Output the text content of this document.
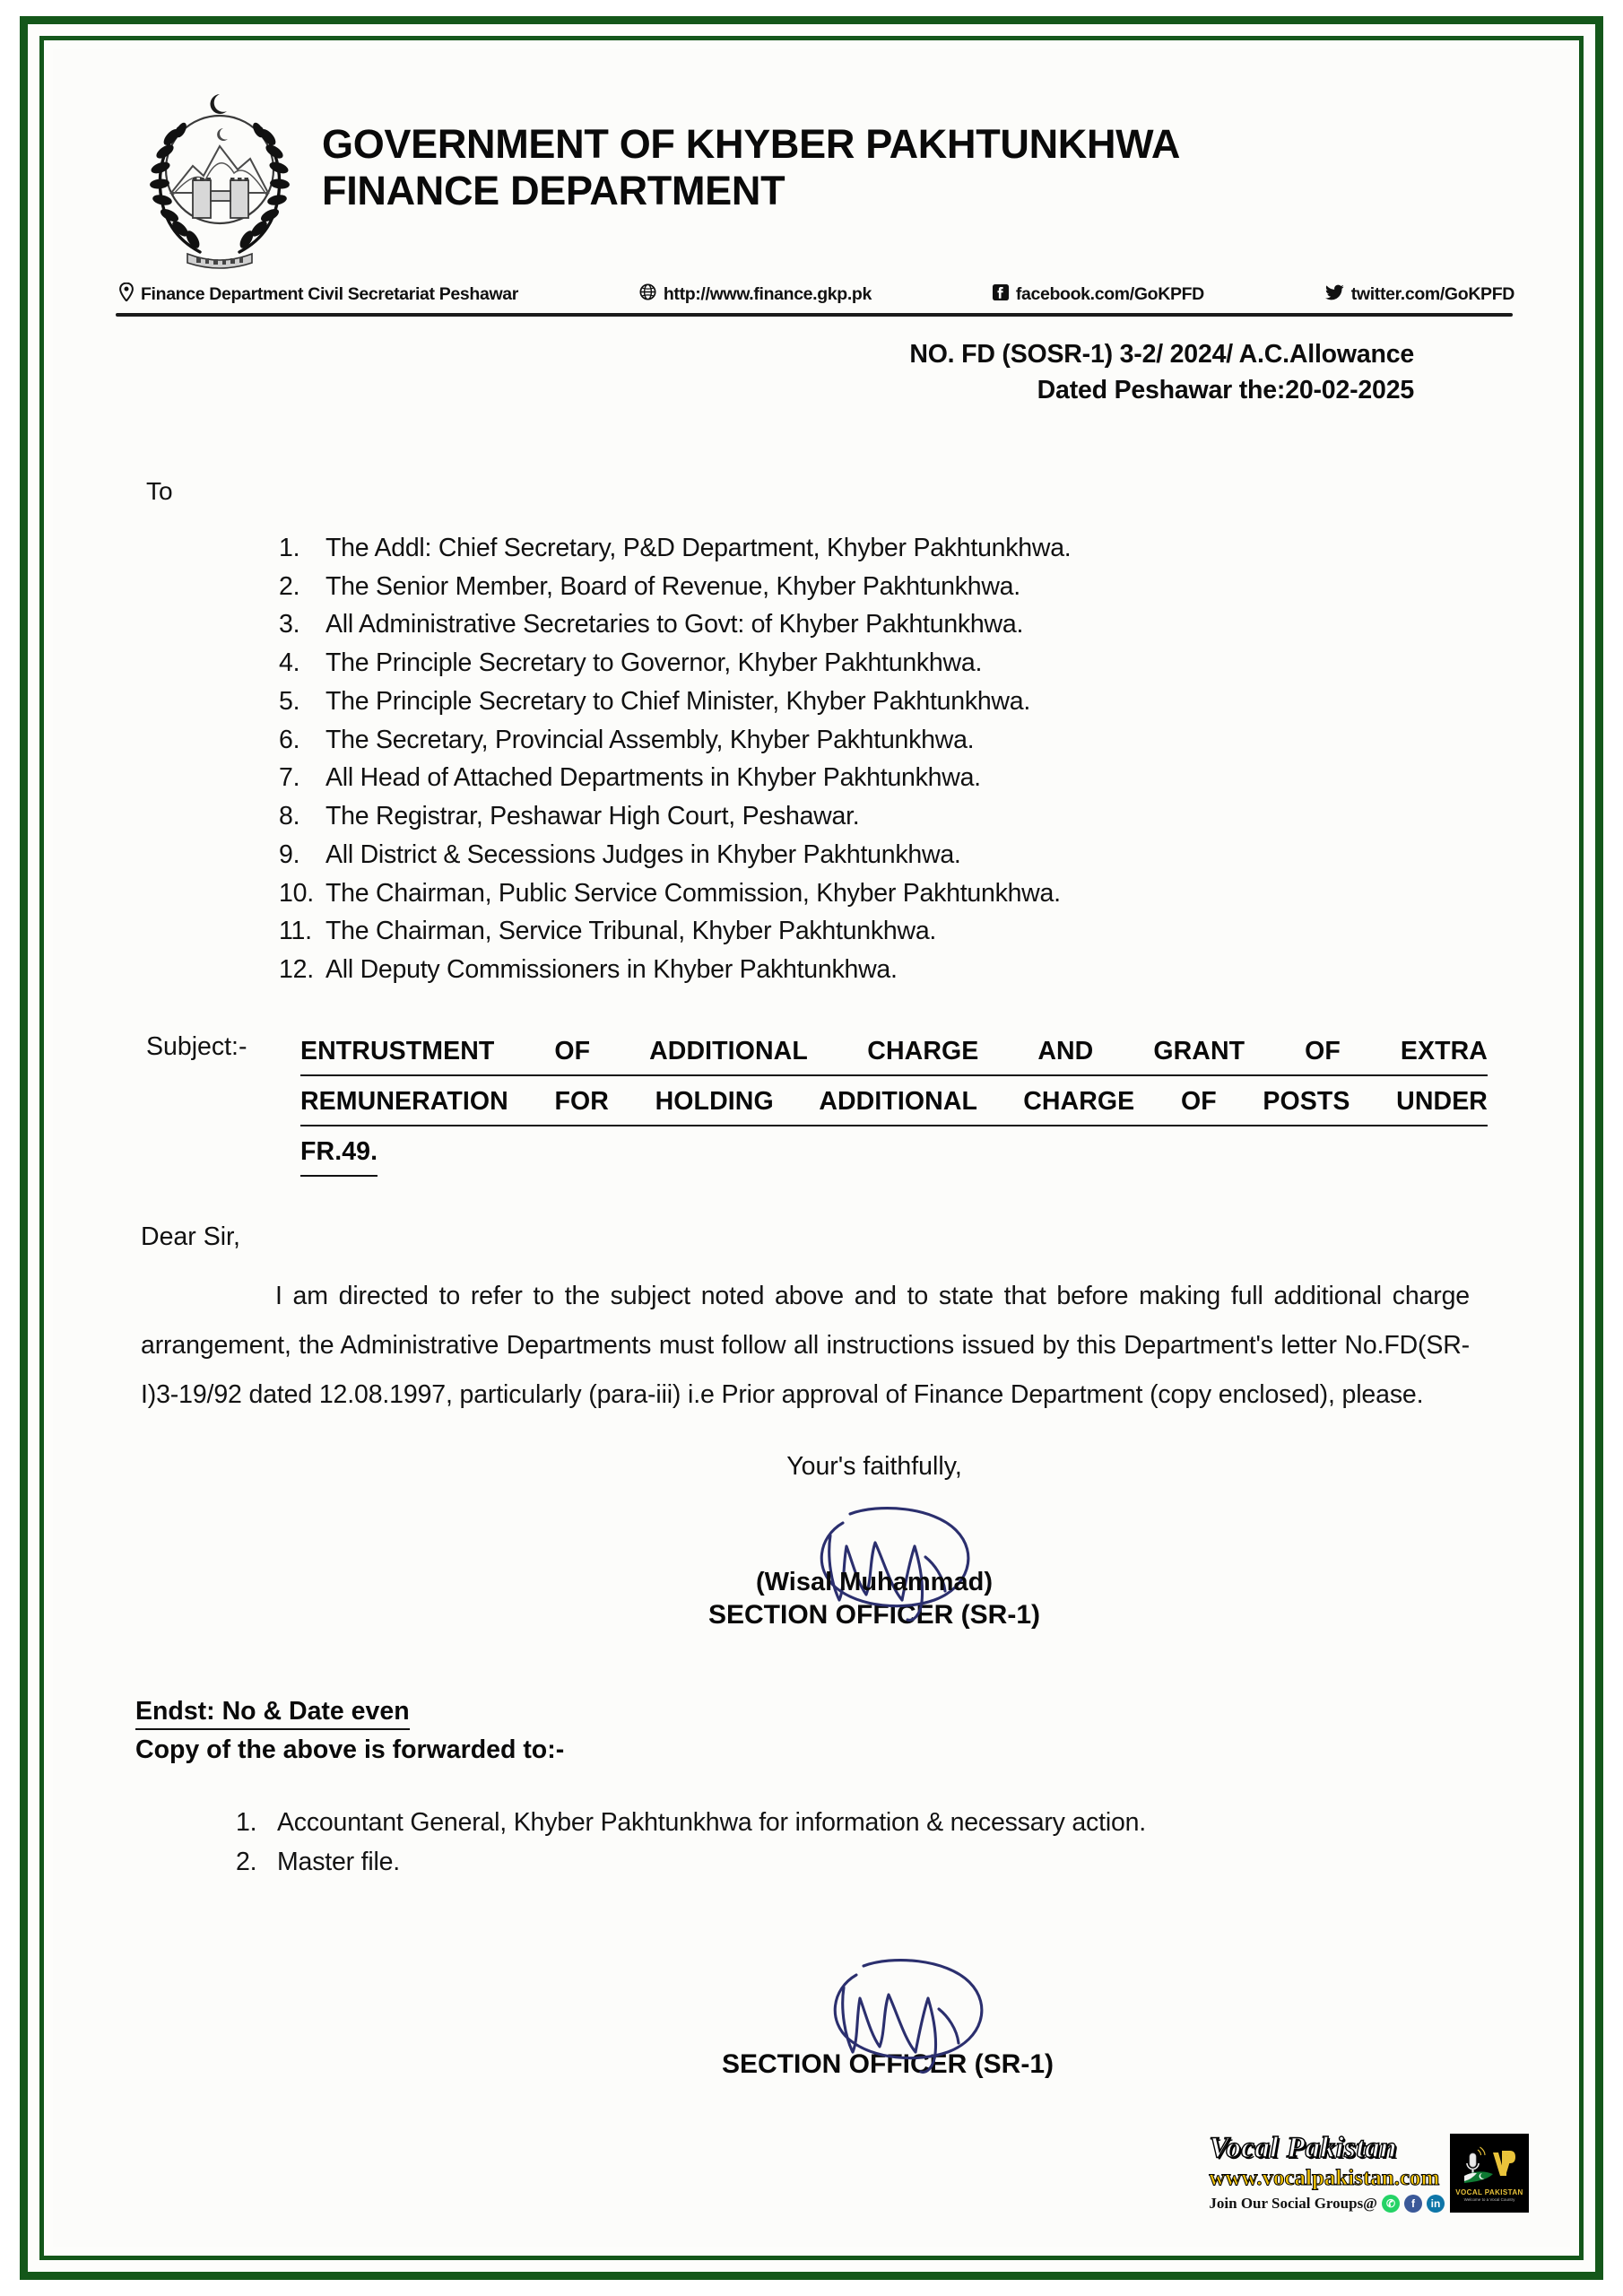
GOVERNMENT OF KHYBER PAKHTUNKHWA
FINANCE DEPARTMENT
Finance Department Civil Secretariat Peshawar	http://www.finance.gkp.pk	facebook.com/GoKPFD	twitter.com/GoKPFD
NO. FD (SOSR-1) 3-2/ 2024/ A.C.Allowance
Dated Peshawar the:20-02-2025
To
1.	The Addl: Chief Secretary, P&D Department, Khyber Pakhtunkhwa.
2.	The Senior Member, Board of Revenue, Khyber Pakhtunkhwa.
3.	All Administrative Secretaries to Govt: of Khyber Pakhtunkhwa.
4.	The Principle Secretary to Governor, Khyber Pakhtunkhwa.
5.	The Principle Secretary to Chief Minister, Khyber Pakhtunkhwa.
6.	The Secretary, Provincial Assembly, Khyber Pakhtunkhwa.
7.	All Head of Attached Departments in Khyber Pakhtunkhwa.
8.	The Registrar, Peshawar High Court, Peshawar.
9.	All District & Secessions Judges in Khyber Pakhtunkhwa.
10. The Chairman, Public Service Commission, Khyber Pakhtunkhwa.
11. The Chairman, Service Tribunal, Khyber Pakhtunkhwa.
12. All Deputy Commissioners in Khyber Pakhtunkhwa.
Subject:-	ENTRUSTMENT OF ADDITIONAL CHARGE AND GRANT OF EXTRA
REMUNERATION FOR HOLDING ADDITIONAL CHARGE OF POSTS UNDER
FR.49.
Dear Sir,
I am directed to refer to the subject noted above and to state that before making full additional charge arrangement, the Administrative Departments must follow all instructions issued by this Department's letter No.FD(SR-I)3-19/92 dated 12.08.1997, particularly (para-iii) i.e Prior approval of Finance Department (copy enclosed), please.
Your's faithfully,
(Wisal Muhammad)
SECTION OFFICER (SR-1)
Endst: No & Date even
Copy of the above is forwarded to:-
1. Accountant General, Khyber Pakhtunkhwa for information & necessary action.
2. Master file.
SECTION OFFICER (SR-1)
Vocal Pakistan
www.vocalpakistan.com
Join Our Social Groups@ ✆	f	in
VOCAL PAKISTAN
Welcome to a Vocal Country
